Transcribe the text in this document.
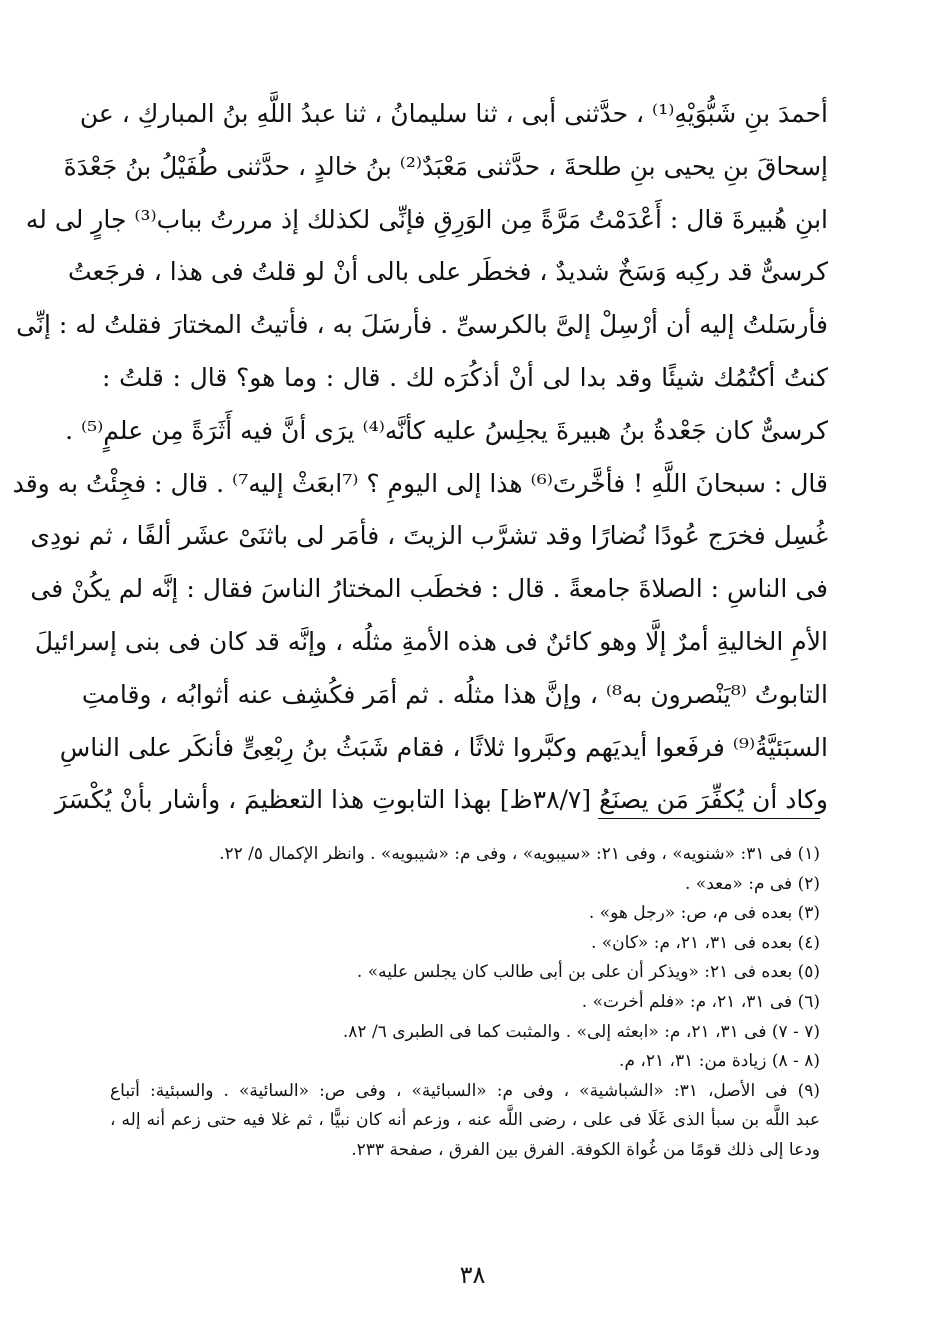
أحمدَ بنِ شَبُّوَيْهِ⁽¹⁾ ، حدَّثنى أبى ، ثنا سليمانُ ، ثنا عبدُ اللَّهِ بنُ المباركِ ، عن
إسحاقَ بنِ يحيى بنِ طلحةَ ، حدَّثنى مَعْبَدٌ⁽²⁾ بنُ خالدٍ ، حدَّثنى طُفَيْلُ بنُ جَعْدَةَ
ابنِ هُبيرةَ قال : أَعْدَمْتُ مَرَّةً مِن الوَرِقِ فإنِّى لكذلك إذ مررتُ بباب⁽³⁾ جارٍ لى له
كرسىٌّ قد ركِبه وَسَخٌ شديدٌ ، فخطَر على بالى أنْ لو قلتُ فى هذا ، فرجَعتُ
فأرسَلتُ إليه أن أرْسِلْ إلىَّ بالكرسىِّ . فأرسَلَ به ، فأتيتُ المختارَ فقلتُ له : إنِّى
كنتُ أكتُمُك شيئًا وقد بدا لى أنْ أذكُرَه لك . قال : وما هو؟ قال : قلتُ :
كرسىٌّ كان جَعْدةُ بنُ هبيرةَ يجلِسُ عليه كأنَّه⁽⁴⁾ يرَى أنَّ فيه أَثَرَةً مِن علمٍ⁽⁵⁾ .
قال : سبحانَ اللَّهِ ! فأخَّرتَ⁽⁶⁾ هذا إلى اليومِ ؟ ⁽⁷ابعَثْ إليه⁷⁾ . قال : فجِئْتُ به وقد
غُسِل فخرَج عُودًا نُضارًا وقد تشرَّب الزيتَ ، فأمَر لى باثنَىْ عشَر ألفًا ، ثم نودِى
فى الناسِ : الصلاةَ جامعةً . قال : فخطَب المختارُ الناسَ فقال : إنَّه لم يكُنْ فى
الأمِ الخاليةِ أمرٌ إلَّا وهو كائنٌ فى هذه الأمةِ مثلُه ، وإنَّه قد كان فى بنى إسرائيلَ
التابوتُ ⁽⁸يَنْصرون به⁸⁾ ، وإنَّ هذا مثلُه . ثم أمَر فكُشِف عنه أثوابُه ، وقامتِ
السبَئيَّةُ⁽⁹⁾ فرفَعوا أيديَهم وكبَّروا ثلاثًا ، فقام شَبَثُ بنُ رِبْعِىٍّ فأنكَر على الناسِ
وكاد أن يُكفِّرَ مَن يصنَعُ [٣٨/٧ظ] بهذا التابوتِ هذا التعظيمَ ، وأشار بأنْ يُكْسَرَ
(١) فى ٣١: «شنويه» ، وفى ٢١: «سيبويه» ، وفى م: «شيبويه» . وانظر الإكمال ٥/ ٢٢.
(٢) فى م: «معد» .
(٣) بعده فى م، ص: «رجل هو» .
(٤) بعده فى ٣١، ٢١، م: «كان» .
(٥) بعده فى ٢١: «ويذكر أن على بن أبى طالب كان يجلس عليه» .
(٦) فى ٣١، ٢١، م: «فلم أخرت» .
(٧ - ٧) فى ٣١، ٢١، م: «ابعثه إلى» . والمثبت كما فى الطبرى ٦/ ٨٢.
(٨ - ٨) زيادة من: ٣١، ٢١، م.
(٩) فى الأصل، ٣١: «الشباشية» ، وفى م: «السبائية» ، وفى ص: «السائية» . والسبئية: أتباع
عبد اللَّه بن سبأ الذى غَلَا فى على ، رضى اللَّه عنه ، وزعم أنه كان نبيًّا ، ثم غلا فيه حتى زعم أنه إله ،
ودعا إلى ذلك قومًا من غُواة الكوفة. الفرق بين الفرق ، صفحة ٢٣٣.
٣٨
